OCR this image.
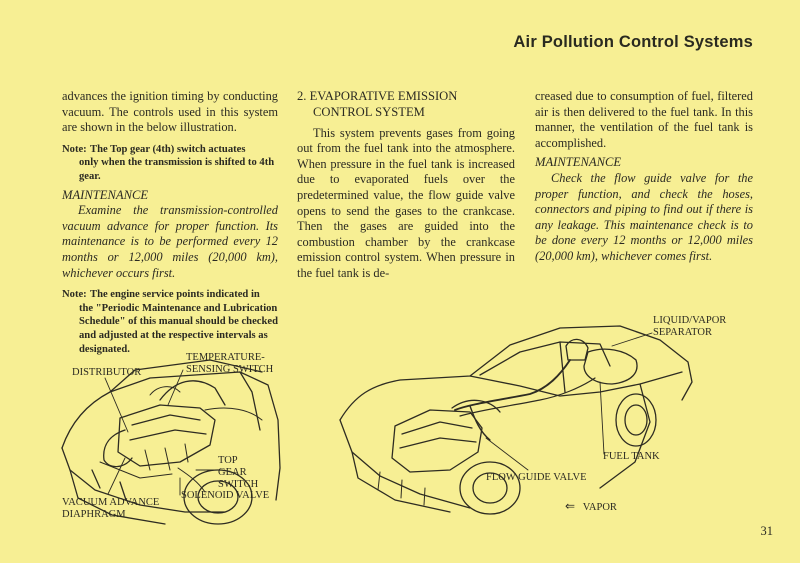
Air Pollution Control Systems

advances the ignition timing by conducting vacuum. The controls used in this system are shown in the below illustration.

Note: The Top gear (4th) switch actuates
only when the transmission is shifted to 4th gear.

MAINTENANCE

Examine the transmission-controlled vacuum advance for proper function. Its maintenance is to be performed every 12 months or 12,000 miles (20,000 km), whichever occurs first.

Note: The engine service points indicated in
the "Periodic Maintenance and Lubrication Schedule" of this manual should be checked and adjusted at the respective intervals as designated.

2. EVAPORATIVE EMISSION
CONTROL SYSTEM

This system prevents gases from going out from the fuel tank into the atmosphere. When pressure in the fuel tank is increased due to evaporated fuels over the predetermined value, the flow guide valve opens to send the gases to the crankcase. Then the gases are guided into the combustion chamber by the crankcase emission control system. When pressure in the fuel tank is de-

creased due to consumption of fuel, filtered air is then delivered to the fuel tank. In this manner, the ventilation of the fuel tank is accomplished.

MAINTENANCE

Check the flow guide valve for the proper function, and check the hoses, connectors and piping to find out if there is any leakage. This maintenance check is to be done every 12 months or 12,000 miles (20,000 km), whichever comes first.

TEMPERATURE-
SENSING SWITCH
DISTRIBUTOR
TOP
GEAR
SWITCH
SOLENOID VALVE
VACUUM ADVANCE
DIAPHRAGM
LIQUID/VAPOR
SEPARATOR
FUEL TANK
FLOW GUIDE VALVE
⇐ VAPOR
31
